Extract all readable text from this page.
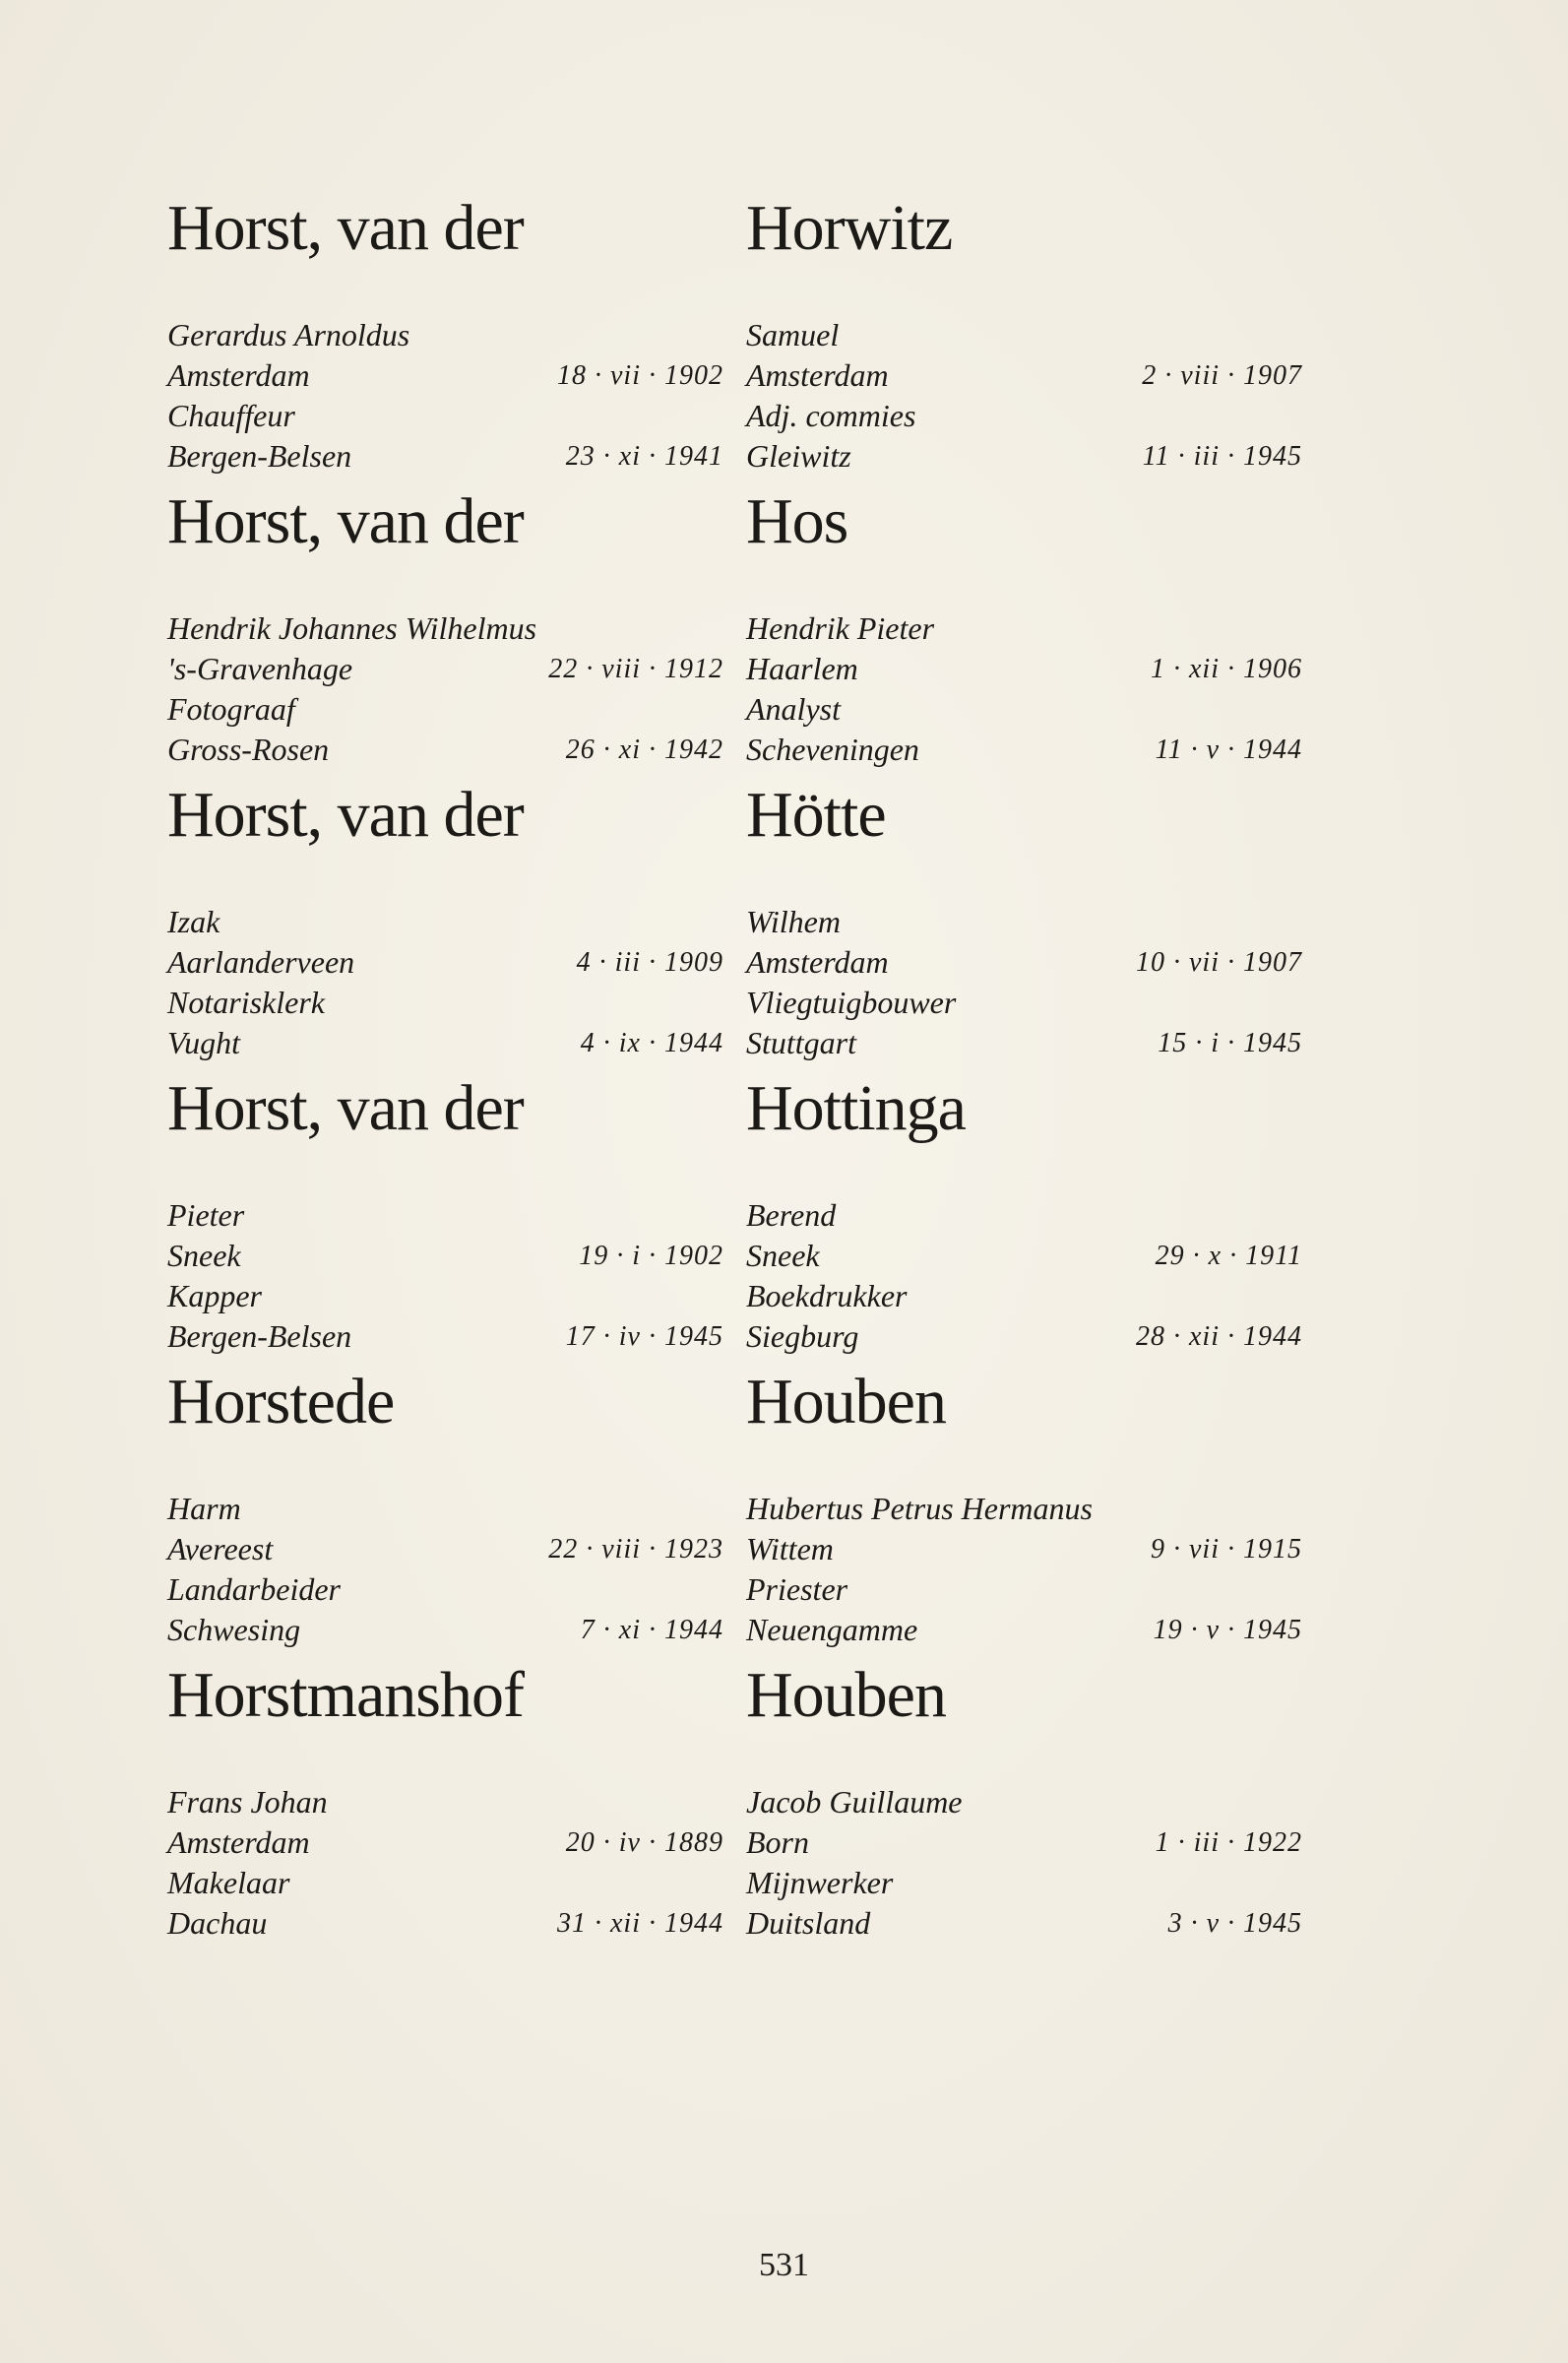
Horst, van der
Gerardus Arnoldus
Amsterdam	18 · vii · 1902
Chauffeur
Bergen-Belsen	23 · xi · 1941
Horst, van der
Hendrik Johannes Wilhelmus
's-Gravenhage	22 · viii · 1912
Fotograaf
Gross-Rosen	26 · xi · 1942
Horst, van der
Izak
Aarlanderveen	4 · iii · 1909
Notarisklerk
Vught	4 · ix · 1944
Horst, van der
Pieter
Sneek	19 · i · 1902
Kapper
Bergen-Belsen	17 · iv · 1945
Horstede
Harm
Avereest	22 · viii · 1923
Landarbeider
Schwesing	7 · xi · 1944
Horstmanshof
Frans Johan
Amsterdam	20 · iv · 1889
Makelaar
Dachau	31 · xii · 1944
Horwitz
Samuel
Amsterdam	2 · viii · 1907
Adj. commies
Gleiwitz	11 · iii · 1945
Hos
Hendrik Pieter
Haarlem	1 · xii · 1906
Analyst
Scheveningen	11 · v · 1944
Hötte
Wilhem
Amsterdam	10 · vii · 1907
Vliegtuigbouwer
Stuttgart	15 · i · 1945
Hottinga
Berend
Sneek	29 · x · 1911
Boekdrukker
Siegburg	28 · xii · 1944
Houben
Hubertus Petrus Hermanus
Wittem	9 · vii · 1915
Priester
Neuengamme	19 · v · 1945
Houben
Jacob Guillaume
Born	1 · iii · 1922
Mijnwerker
Duitsland	3 · v · 1945
531
